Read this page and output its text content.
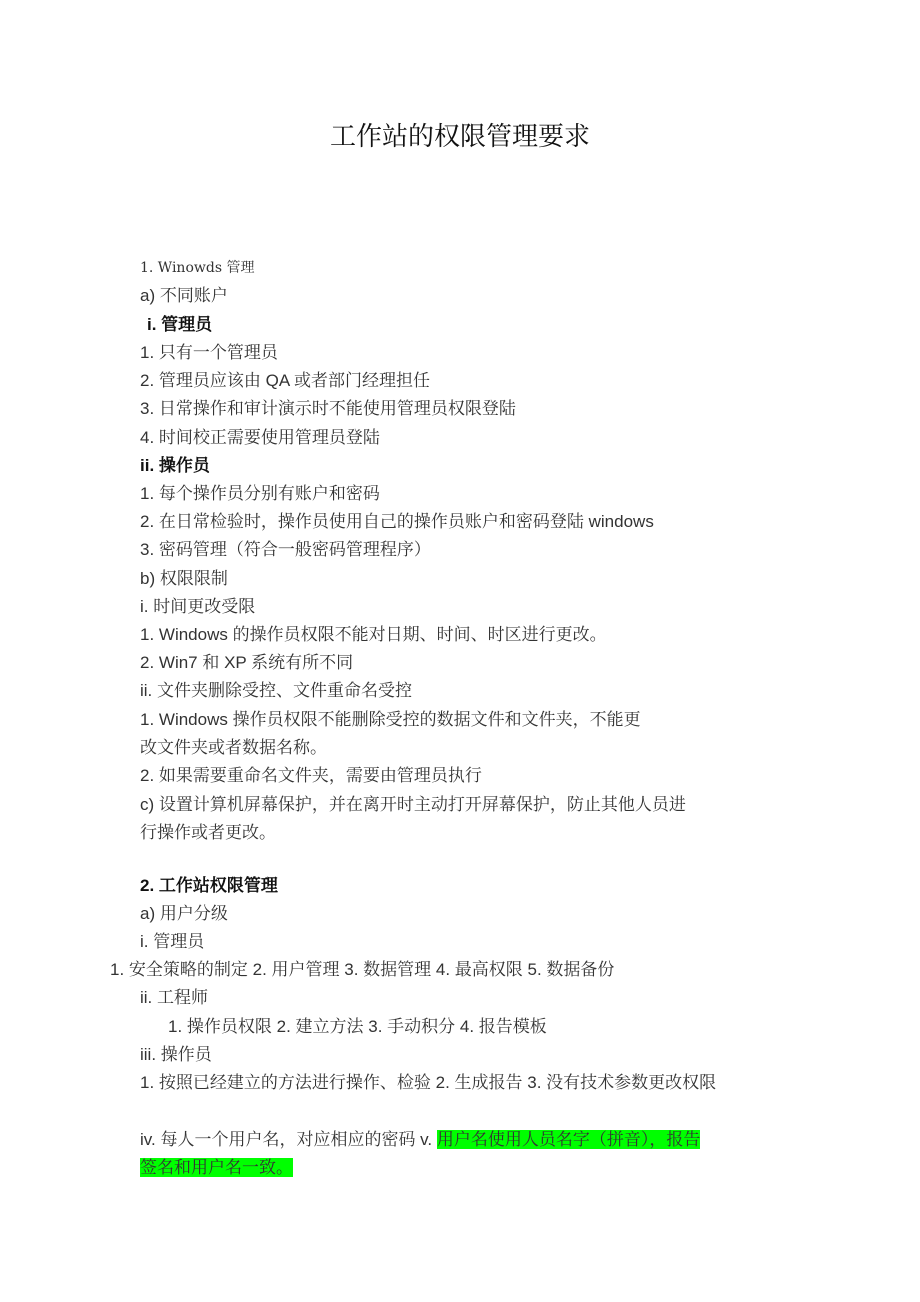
工作站的权限管理要求
1. Winowds 管理
a) 不同账户
i. 管理员
1. 只有一个管理员
2. 管理员应该由 QA 或者部门经理担任
3. 日常操作和审计演示时不能使用管理员权限登陆
4. 时间校正需要使用管理员登陆
ii. 操作员
1. 每个操作员分别有账户和密码
2. 在日常检验时，操作员使用自己的操作员账户和密码登陆 windows
3. 密码管理（符合一般密码管理程序）
b) 权限限制
i. 时间更改受限
1. Windows 的操作员权限不能对日期、时间、时区进行更改。
2. Win7 和 XP 系统有所不同
ii. 文件夹删除受控、文件重命名受控
1. Windows 操作员权限不能删除受控的数据文件和文件夹，不能更
改文件夹或者数据名称。
2. 如果需要重命名文件夹，需要由管理员执行
c) 设置计算机屏幕保护，并在离开时主动打开屏幕保护，防止其他人员进
行操作或者更改。
2. 工作站权限管理
a) 用户分级
i. 管理员
1. 安全策略的制定 2. 用户管理 3. 数据管理 4. 最高权限 5. 数据备份
ii. 工程师
1. 操作员权限 2. 建立方法 3. 手动积分 4. 报告模板
iii. 操作员
1. 按照已经建立的方法进行操作、检验 2. 生成报告 3. 没有技术参数更改权限
iv. 每人一个用户名，对应相应的密码 v. 用户名使用人员名字（拼音），报告
签名和用户名一致。
